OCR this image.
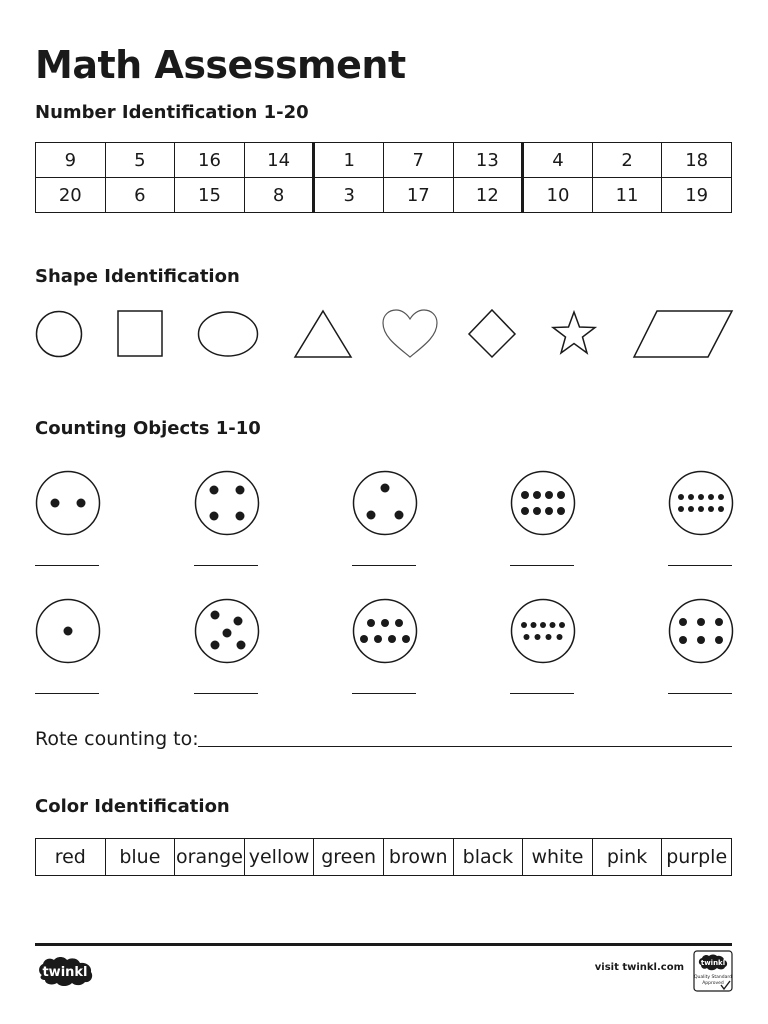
Math Assessment
Number Identification 1-20
9	5	16	14	1	7	13	4	2	18
20	6	15	8	3	17	12	10	11	19
Shape Identification
Counting Objects 1-10

Rote counting to:

Color Identification
red	blue	orange	yellow	green	brown	black	white	pink	purple
twinkl	visit twinkl.com twinkl
Quality Standard
Approved
